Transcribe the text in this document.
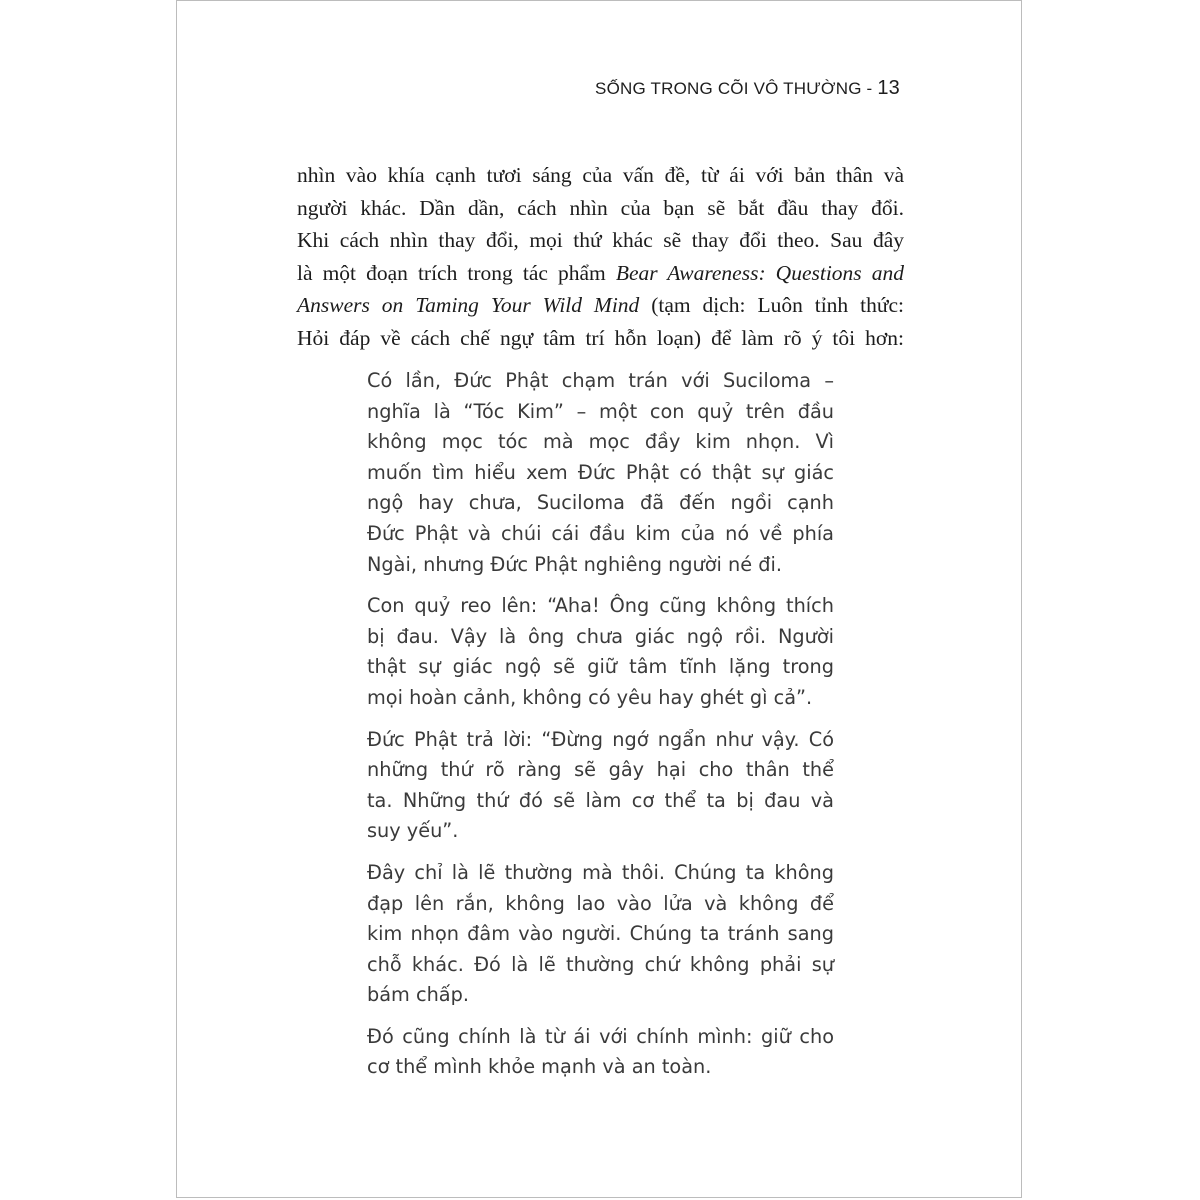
SỐNG TRONG CÕI VÔ THƯỜNG - 13
nhìn vào khía cạnh tươi sáng của vấn đề, từ ái với bản thân và
người khác. Dần dần, cách nhìn của bạn sẽ bắt đầu thay đổi.
Khi cách nhìn thay đổi, mọi thứ khác sẽ thay đổi theo. Sau đây
là một đoạn trích trong tác phẩm Bear Awareness: Questions and
Answers on Taming Your Wild Mind (tạm dịch: Luôn tỉnh thức:
Hỏi đáp về cách chế ngự tâm trí hỗn loạn) để làm rõ ý tôi hơn:

Có lần, Đức Phật chạm trán với Suciloma –
nghĩa là “Tóc Kim” – một con quỷ trên đầu
không mọc tóc mà mọc đầy kim nhọn. Vì
muốn tìm hiểu xem Đức Phật có thật sự giác
ngộ hay chưa, Suciloma đã đến ngồi cạnh
Đức Phật và chúi cái đầu kim của nó về phía
Ngài, nhưng Đức Phật nghiêng người né đi.

Con quỷ reo lên: “Aha! Ông cũng không thích
bị đau. Vậy là ông chưa giác ngộ rồi. Người
thật sự giác ngộ sẽ giữ tâm tĩnh lặng trong
mọi hoàn cảnh, không có yêu hay ghét gì cả”.

Đức Phật trả lời: “Đừng ngớ ngẩn như vậy. Có
những thứ rõ ràng sẽ gây hại cho thân thể
ta. Những thứ đó sẽ làm cơ thể ta bị đau và
suy yếu”.

Đây chỉ là lẽ thường mà thôi. Chúng ta không
đạp lên rắn, không lao vào lửa và không để
kim nhọn đâm vào người. Chúng ta tránh sang
chỗ khác. Đó là lẽ thường chứ không phải sự
bám chấp.

Đó cũng chính là từ ái với chính mình: giữ cho
cơ thể mình khỏe mạnh và an toàn.
